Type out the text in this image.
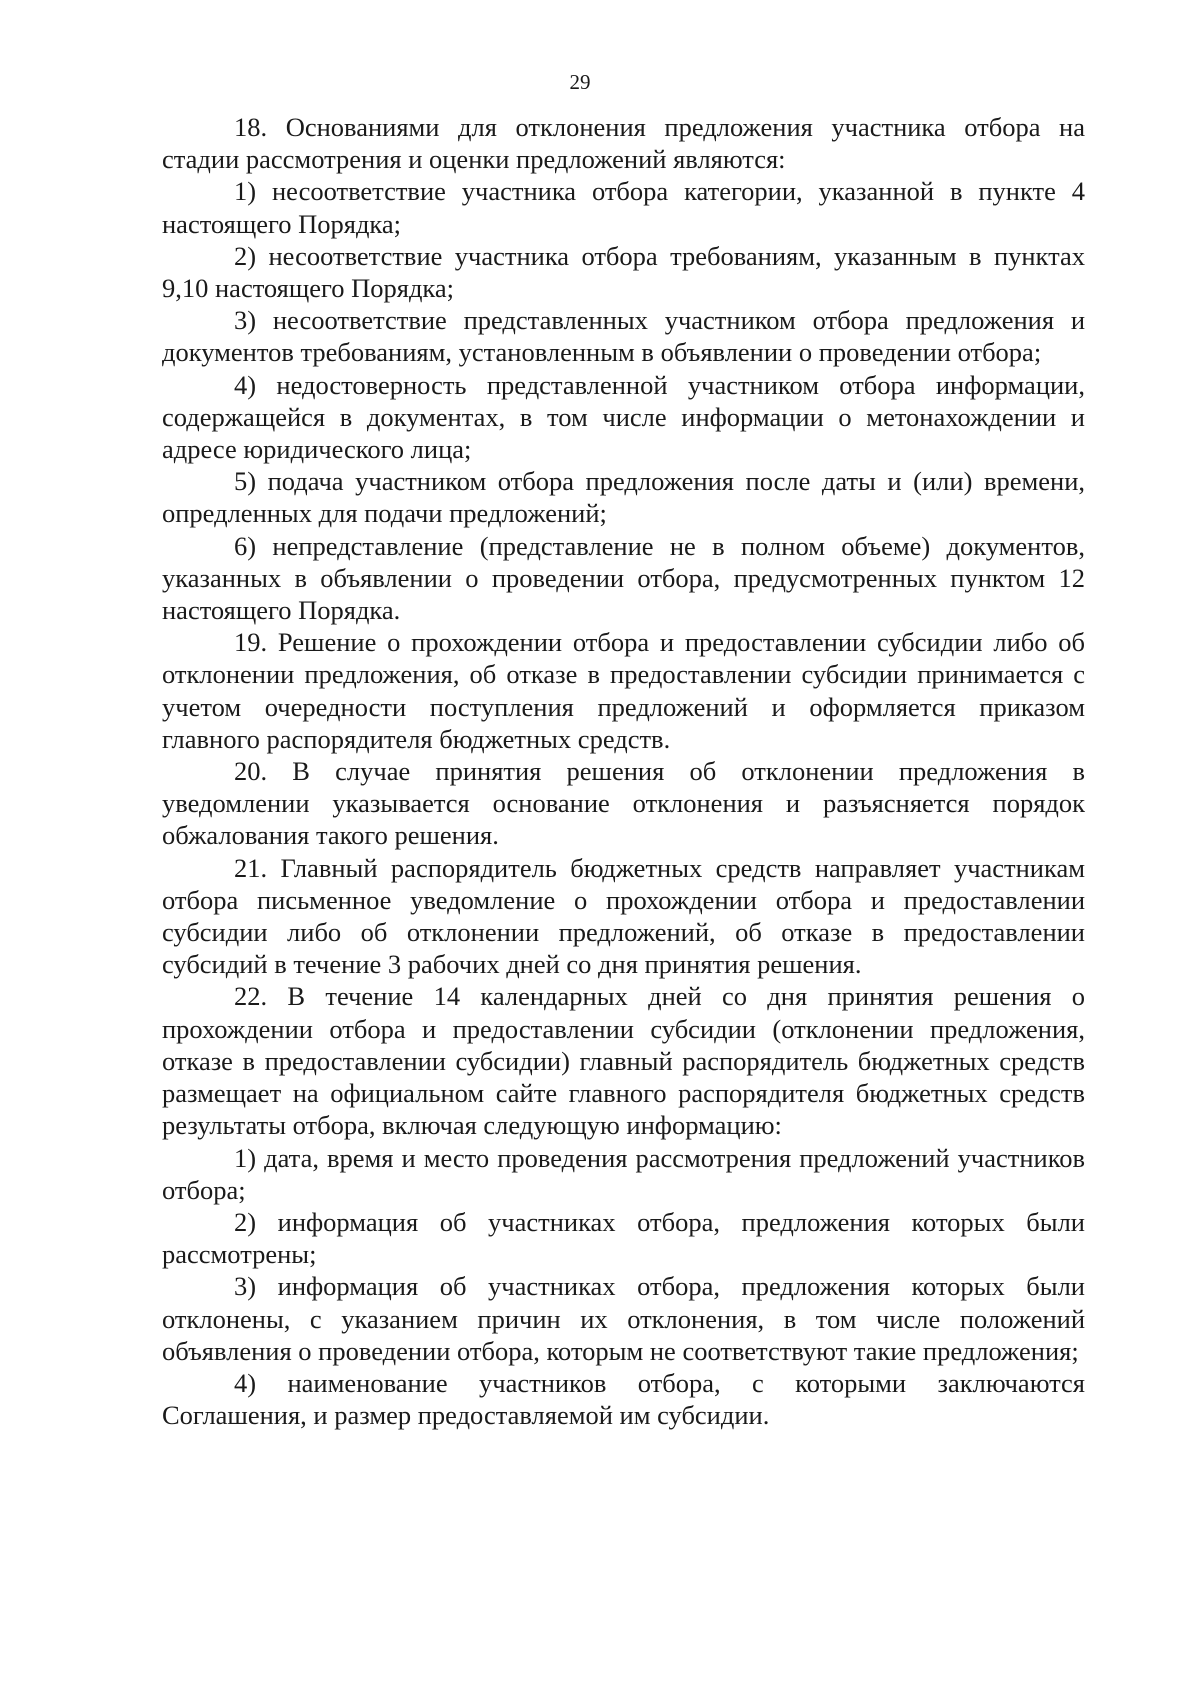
29

18. Основаниями для отклонения предложения участника отбора на стадии рассмотрения и оценки предложений являются:

1) несоответствие участника отбора категории, указанной в пункте 4 настоящего Порядка;

2) несоответствие участника отбора требованиям, указанным в пунктах 9,10 настоящего Порядка;

3) несоответствие представленных участником отбора предложения и документов требованиям, установленным в объявлении о проведении отбора;

4) недостоверность представленной участником отбора информации, содержащейся в документах, в том числе информации о метонахождении и адресе юридического лица;

5) подача участником отбора предложения после даты и (или) времени, опредленных для подачи предложений;

6) непредставление (представление не в полном объеме) документов, указанных в объявлении о проведении отбора, предусмотренных пунктом 12 настоящего Порядка.

19. Решение о прохождении отбора и предоставлении субсидии либо об отклонении предложения, об отказе в предоставлении субсидии принимается с учетом очередности поступления предложений и оформляется приказом главного распорядителя бюджетных средств.

20. В случае принятия решения об отклонении предложения в уведомлении указывается основание отклонения и разъясняется порядок обжалования такого решения.

21. Главный распорядитель бюджетных средств направляет участникам отбора письменное уведомление о прохождении отбора и предоставлении субсидии либо об отклонении предложений, об отказе в предоставлении субсидий в течение 3 рабочих дней со дня принятия решения.

22. В течение 14 календарных дней со дня принятия решения о прохождении отбора и предоставлении субсидии (отклонении предложения, отказе в предоставлении субсидии) главный распорядитель бюджетных средств размещает на официальном сайте главного распорядителя бюджетных средств результаты отбора, включая следующую информацию:

1) дата, время и место проведения рассмотрения предложений участников отбора;

2) информация об участниках отбора, предложения которых были рассмотрены;

3) информация об участниках отбора, предложения которых были отклонены, с указанием причин их отклонения, в том числе положений объявления о проведении отбора, которым не соответствуют такие предложения;

4) наименование участников отбора, с которыми заключаются Соглашения, и размер предоставляемой им субсидии.
